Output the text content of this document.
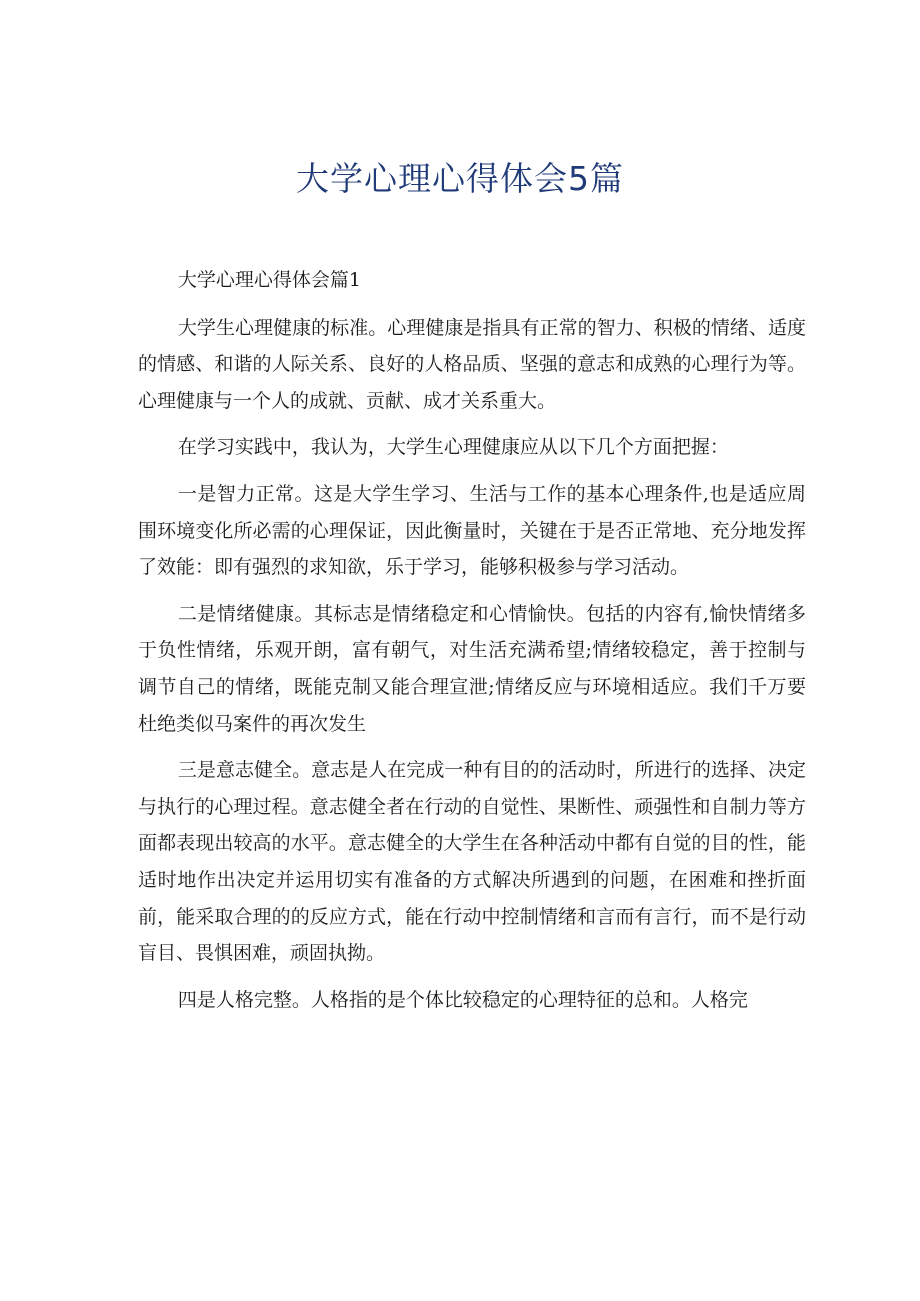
大学心理心得体会5篇

大学心理心得体会篇1

大学生心理健康的标准。心理健康是指具有正常的智力、积极的情绪、适度的情感、和谐的人际关系、良好的人格品质、坚强的意志和成熟的心理行为等。心理健康与一个人的成就、贡献、成才关系重大。

在学习实践中，我认为，大学生心理健康应从以下几个方面把握：

一是智力正常。这是大学生学习、生活与工作的基本心理条件,也是适应周围环境变化所必需的心理保证，因此衡量时，关键在于是否正常地、充分地发挥了效能：即有强烈的求知欲，乐于学习，能够积极参与学习活动。

二是情绪健康。其标志是情绪稳定和心情愉快。包括的内容有,愉快情绪多于负性情绪，乐观开朗，富有朝气，对生活充满希望;情绪较稳定，善于控制与调节自己的情绪，既能克制又能合理宣泄;情绪反应与环境相适应。我们千万要杜绝类似马案件的再次发生

三是意志健全。意志是人在完成一种有目的的活动时，所进行的选择、决定与执行的心理过程。意志健全者在行动的自觉性、果断性、顽强性和自制力等方面都表现出较高的水平。意志健全的大学生在各种活动中都有自觉的目的性，能适时地作出决定并运用切实有准备的方式解决所遇到的问题，在困难和挫折面前，能采取合理的的反应方式，能在行动中控制情绪和言而有言行，而不是行动盲目、畏惧困难，顽固执拗。

四是人格完整。人格指的是个体比较稳定的心理特征的总和。人格完
